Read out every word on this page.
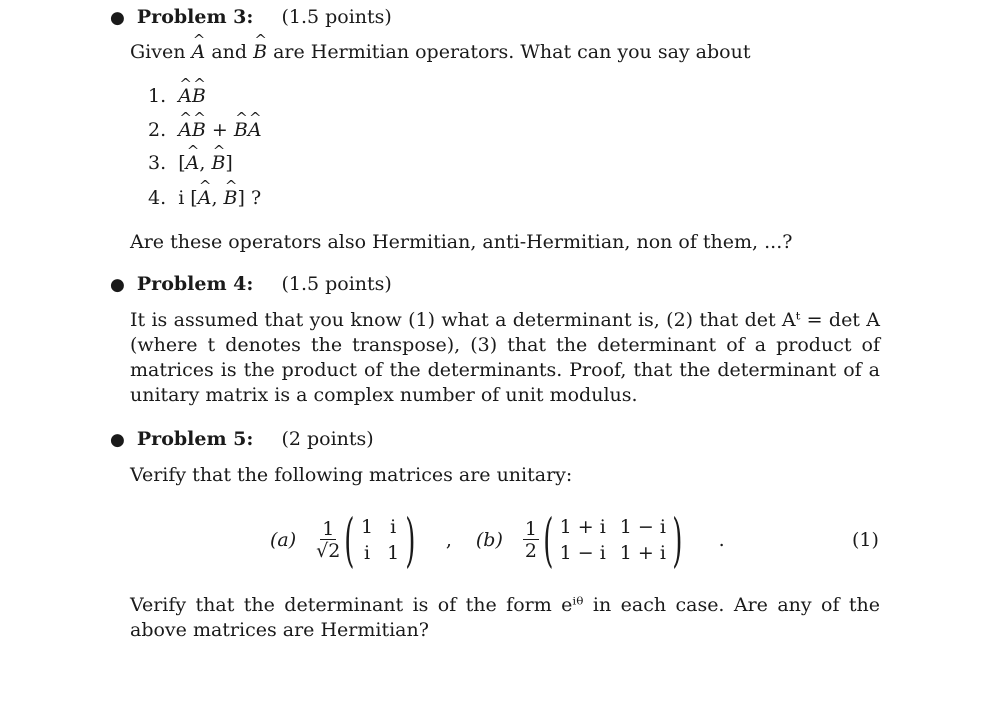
● Problem 3: (1.5 points)
Given A ^ and B ^ are Hermitian operators. What can you say about
1. A ^B ^
2. A ^B ^ + B ^A ^
3. [A ^, B ^]
4. i [A ^, B ^] ?
Are these operators also Hermitian, anti-Hermitian, non of them, ...?
● Problem 4: (1.5 points)
It is assumed that you know (1) what a determinant is, (2) that det Aᵗ = det A (where t denotes the transpose), (3) that the determinant of a product of matrices is the product of the determinants. Proof, that the determinant of a unitary matrix is a complex number of unit modulus.
● Problem 5: (2 points)
Verify that the following matrices are unitary:
$(a) \frac{1}{√2}$ ( 1 i
i 1 ) , $(b) \frac{1}{2}$ ( 1 + i 1 − i
1 − i 1 + i ) .	(1)
Verify that the determinant is of the form eⁱᶿ in each case. Are any of the above matrices are Hermitian?
